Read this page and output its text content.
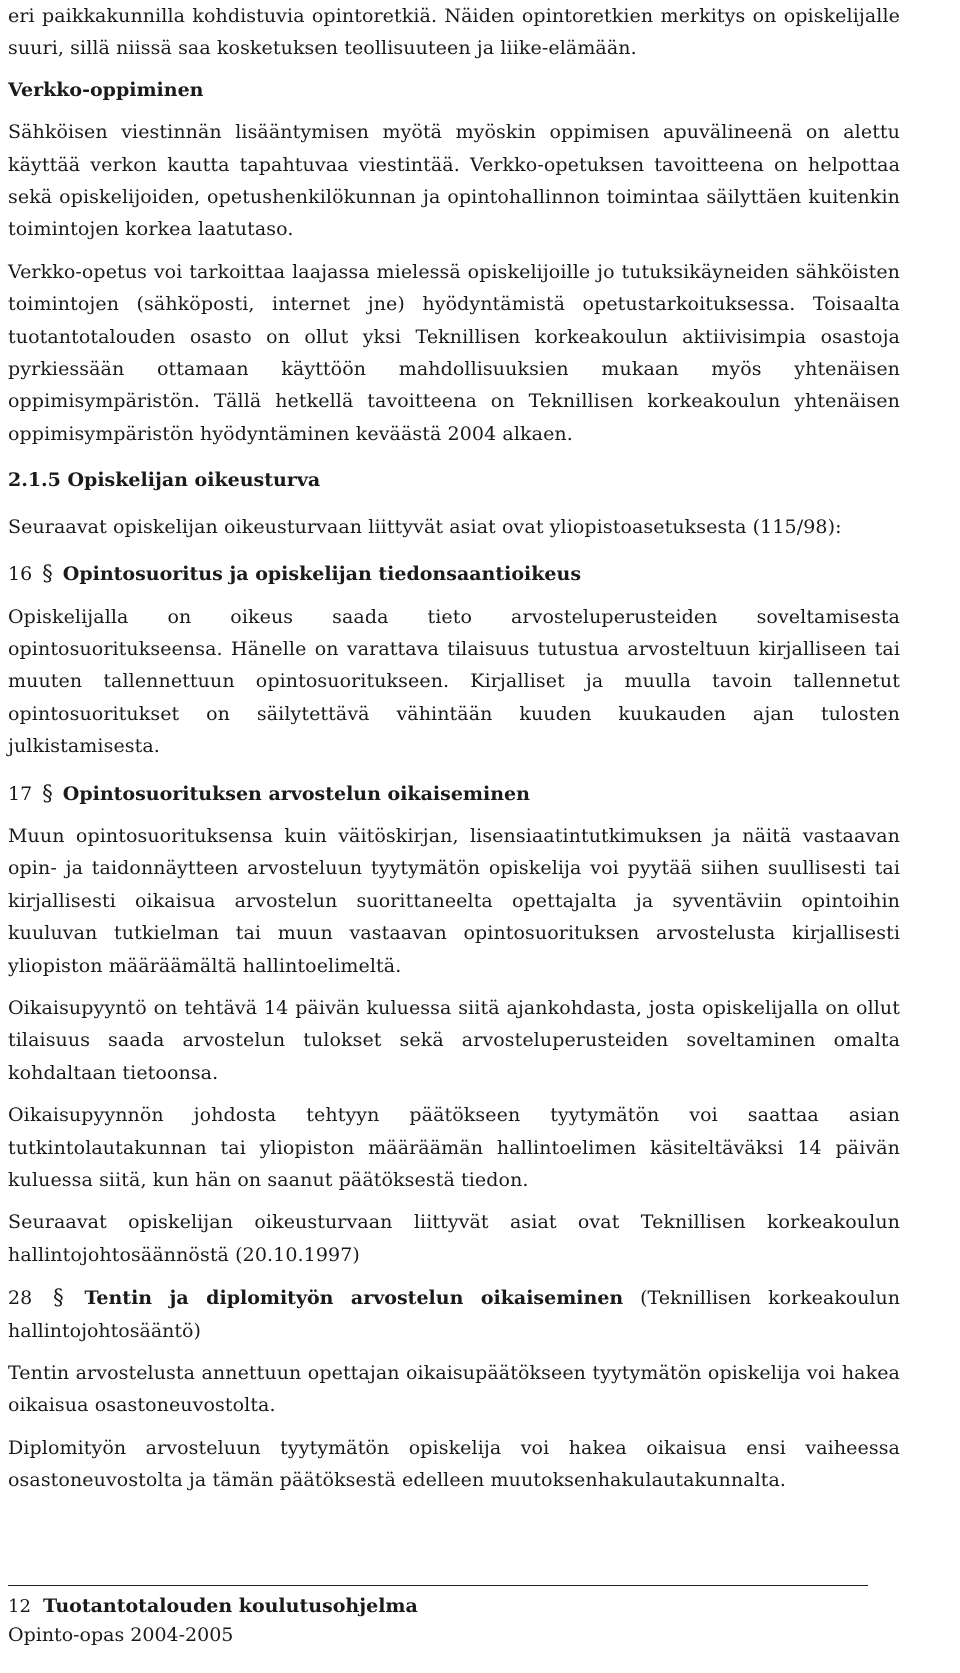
eri paikkakunnilla kohdistuvia opintoretkiä. Näiden opintoretkien merkitys on opiskelijalle suuri, sillä niissä saa kosketuksen teollisuuteen ja liike-elämään.

Verkko-oppiminen

Sähköisen viestinnän lisääntymisen myötä myöskin oppimisen apuvälineenä on alettu käyttää verkon kautta tapahtuvaa viestintää. Verkko-opetuksen tavoitteena on helpottaa sekä opiskelijoiden, opetushenkilökunnan ja opintohallinnon toimintaa säilyttäen kuitenkin toimintojen korkea laatutaso.

Verkko-opetus voi tarkoittaa laajassa mielessä opiskelijoille jo tutuksikäyneiden sähköisten toimintojen (sähköposti, internet jne) hyödyntämistä opetustarkoituksessa. Toisaalta tuotantotalouden osasto on ollut yksi Teknillisen korkeakoulun aktiivisimpia osastoja pyrkiessään ottamaan käyttöön mahdollisuuksien mukaan myös yhtenäisen oppimisympäristön. Tällä hetkellä tavoitteena on Teknillisen korkeakoulun yhtenäisen oppimisympäristön hyödyntäminen keväästä 2004 alkaen.

2.1.5 Opiskelijan oikeusturva

Seuraavat opiskelijan oikeusturvaan liittyvät asiat ovat yliopistoasetuksesta (115/98):

16 § Opintosuoritus ja opiskelijan tiedonsaantioikeus

Opiskelijalla on oikeus saada tieto arvosteluperusteiden soveltamisesta opintosuoritukseensa. Hänelle on varattava tilaisuus tutustua arvosteltuun kirjalliseen tai muuten tallennettuun opintosuoritukseen. Kirjalliset ja muulla tavoin tallennetut opintosuoritukset on säilytettävä vähintään kuuden kuukauden ajan tulosten julkistamisesta.

17 § Opintosuorituksen arvostelun oikaiseminen

Muun opintosuorituksensa kuin väitöskirjan, lisensiaatintutkimuksen ja näitä vastaavan opin- ja taidonnäytteen arvosteluun tyytymätön opiskelija voi pyytää siihen suullisesti tai kirjallisesti oikaisua arvostelun suorittaneelta opettajalta ja syventäviin opintoihin kuuluvan tutkielman tai muun vastaavan opintosuorituksen arvostelusta kirjallisesti yliopiston määräämältä hallintoelimeltä.

Oikaisupyyntö on tehtävä 14 päivän kuluessa siitä ajankohdasta, josta opiskelijalla on ollut tilaisuus saada arvostelun tulokset sekä arvosteluperusteiden soveltaminen omalta kohdaltaan tietoonsa.

Oikaisupyynnön johdosta tehtyyn päätökseen tyytymätön voi saattaa asian tutkintolautakunnan tai yliopiston määräämän hallintoelimen käsiteltäväksi 14 päivän kuluessa siitä, kun hän on saanut päätöksestä tiedon.

Seuraavat opiskelijan oikeusturvaan liittyvät asiat ovat Teknillisen korkeakoulun hallintojohtosäännöstä (20.10.1997)

28 § Tentin ja diplomityön arvostelun oikaiseminen (Teknillisen korkeakoulun hallintojohtosääntö)

Tentin arvostelusta annettuun opettajan oikaisupäätökseen tyytymätön opiskelija voi hakea oikaisua osastoneuvostolta.

Diplomityön arvosteluun tyytymätön opiskelija voi hakea oikaisua ensi vaiheessa osastoneuvostolta ja tämän päätöksestä edelleen muutoksenhakulautakunnalta.

12 Tuotantotalouden koulutusohjelma
Opinto-opas 2004-2005
